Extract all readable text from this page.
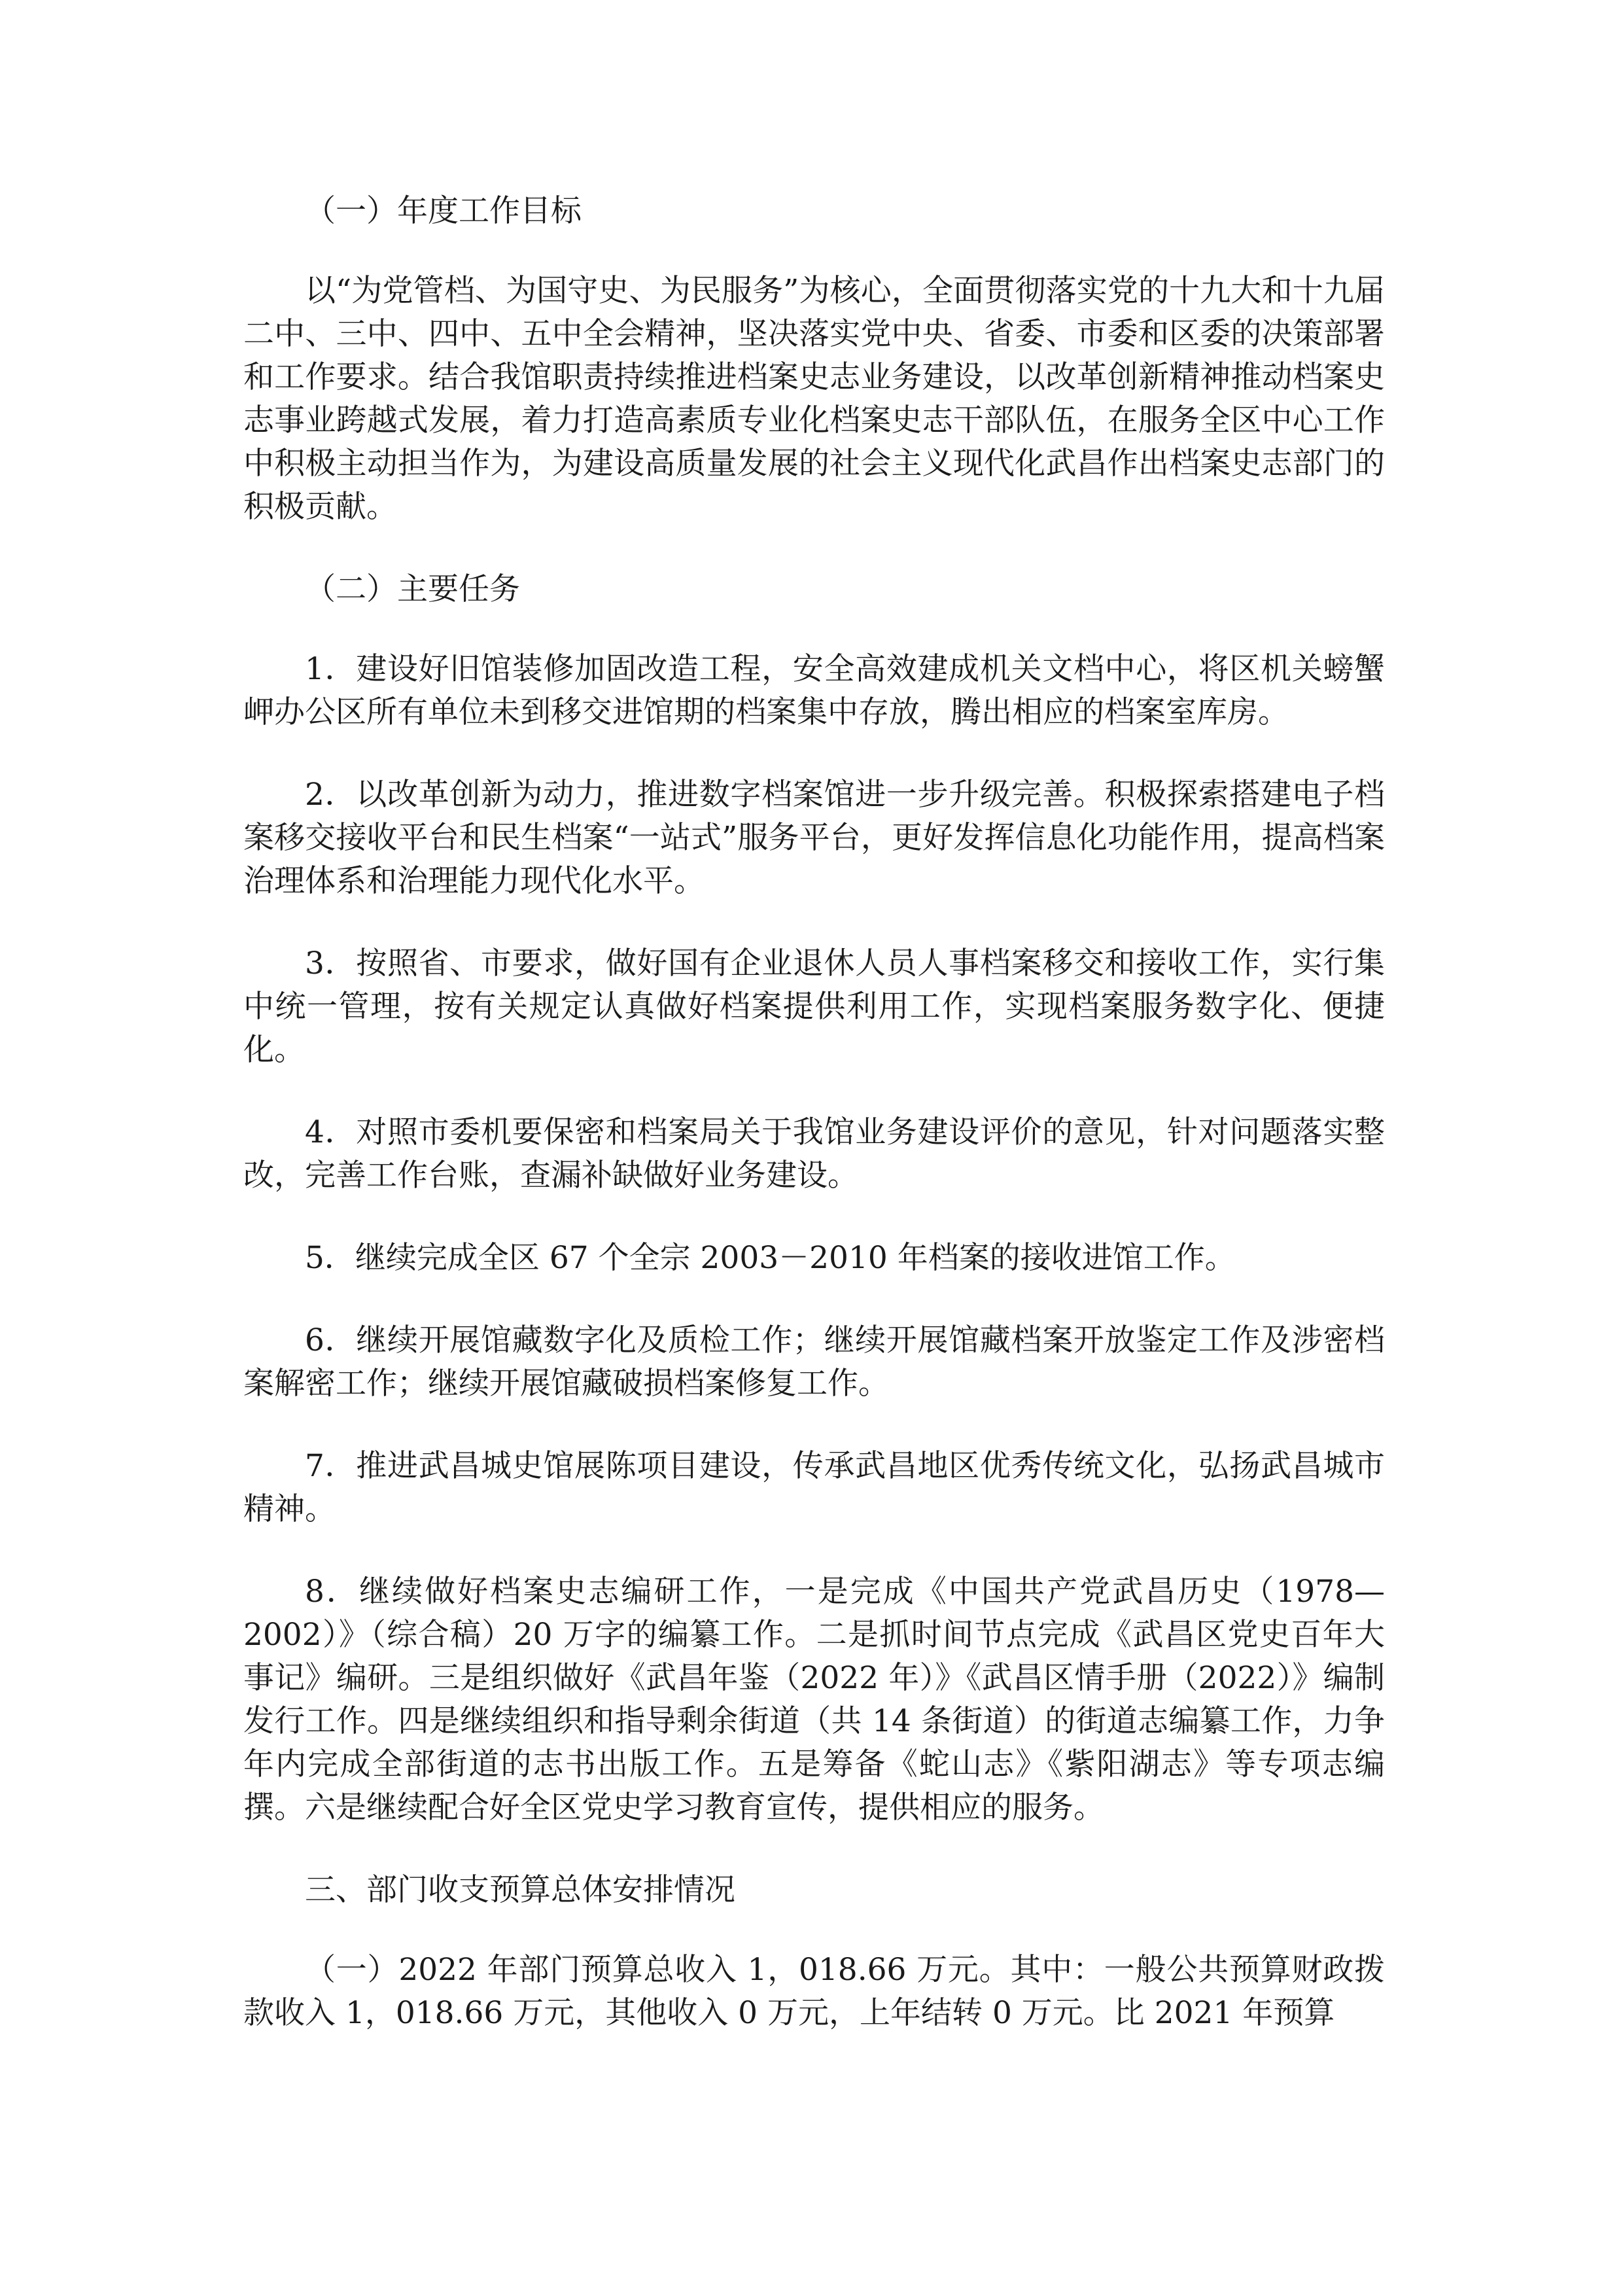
（一）年度工作目标

以“为党管档、为国守史、为民服务”为核心，全面贯彻落实党的十九大和十九届二中、三中、四中、五中全会精神，坚决落实党中央、省委、市委和区委的决策部署和工作要求。结合我馆职责持续推进档案史志业务建设，以改革创新精神推动档案史志事业跨越式发展，着力打造高素质专业化档案史志干部队伍，在服务全区中心工作中积极主动担当作为，为建设高质量发展的社会主义现代化武昌作出档案史志部门的积极贡献。

（二）主要任务

1．建设好旧馆装修加固改造工程，安全高效建成机关文档中心，将区机关螃蟹岬办公区所有单位未到移交进馆期的档案集中存放，腾出相应的档案室库房。

2．以改革创新为动力，推进数字档案馆进一步升级完善。积极探索搭建电子档案移交接收平台和民生档案“一站式”服务平台，更好发挥信息化功能作用，提高档案治理体系和治理能力现代化水平。

3．按照省、市要求，做好国有企业退休人员人事档案移交和接收工作，实行集中统一管理，按有关规定认真做好档案提供利用工作，实现档案服务数字化、便捷化。

4．对照市委机要保密和档案局关于我馆业务建设评价的意见，针对问题落实整改，完善工作台账，查漏补缺做好业务建设。

5．继续完成全区 67 个全宗 2003－2010 年档案的接收进馆工作。

6．继续开展馆藏数字化及质检工作；继续开展馆藏档案开放鉴定工作及涉密档案解密工作；继续开展馆藏破损档案修复工作。

7．推进武昌城史馆展陈项目建设，传承武昌地区优秀传统文化，弘扬武昌城市精神。

8．继续做好档案史志编研工作，一是完成《中国共产党武昌历史（1978—2002）》（综合稿）20 万字的编纂工作。二是抓时间节点完成《武昌区党史百年大事记》编研。三是组织做好《武昌年鉴（2022 年）》《武昌区情手册（2022）》编制发行工作。四是继续组织和指导剩余街道（共 14 条街道）的街道志编纂工作，力争年内完成全部街道的志书出版工作。五是筹备《蛇山志》《紫阳湖志》等专项志编撰。六是继续配合好全区党史学习教育宣传，提供相应的服务。

三、部门收支预算总体安排情况

（一）2022 年部门预算总收入 1，018.66 万元。其中：一般公共预算财政拨款收入 1，018.66 万元，其他收入 0 万元，上年结转 0 万元。比 2021 年预算
